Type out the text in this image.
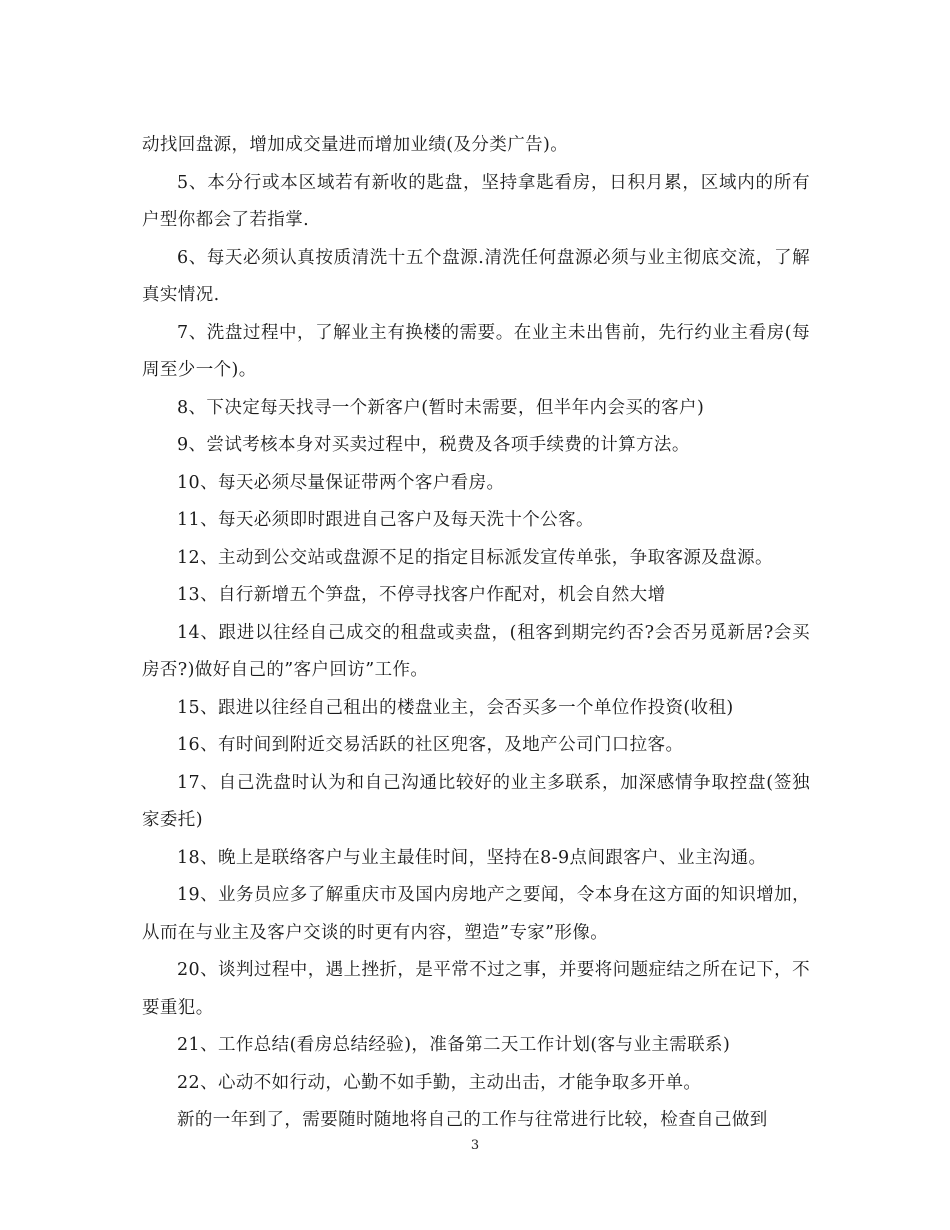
动找回盘源，增加成交量进而增加业绩(及分类广告)。

5、本分行或本区域若有新收的匙盘，坚持拿匙看房，日积月累，区域内的所有户型你都会了若指掌.

6、每天必须认真按质清洗十五个盘源.清洗任何盘源必须与业主彻底交流，了解真实情况.

7、洗盘过程中，了解业主有换楼的需要。在业主未出售前，先行约业主看房(每周至少一个)。

8、下决定每天找寻一个新客户(暂时未需要，但半年内会买的客户)

9、尝试考核本身对买卖过程中，税费及各项手续费的计算方法。

10、每天必须尽量保证带两个客户看房。

11、每天必须即时跟进自己客户及每天洗十个公客。

12、主动到公交站或盘源不足的指定目标派发宣传单张，争取客源及盘源。

13、自行新增五个笋盘，不停寻找客户作配对，机会自然大增

14、跟进以往经自己成交的租盘或卖盘，(租客到期完约否?会否另觅新居?会买房否?)做好自己的”客户回访”工作。

15、跟进以往经自己租出的楼盘业主，会否买多一个单位作投资(收租)

16、有时间到附近交易活跃的社区兜客，及地产公司门口拉客。

17、自己洗盘时认为和自己沟通比较好的业主多联系，加深感情争取控盘(签独家委托)

18、晚上是联络客户与业主最佳时间，坚持在8-9点间跟客户、业主沟通。

19、业务员应多了解重庆市及国内房地产之要闻，令本身在这方面的知识增加，从而在与业主及客户交谈的时更有内容，塑造”专家”形像。

20、谈判过程中，遇上挫折，是平常不过之事，并要将问题症结之所在记下，不要重犯。

21、工作总结(看房总结经验)，准备第二天工作计划(客与业主需联系)

22、心动不如行动，心勤不如手勤，主动出击，才能争取多开单。

新的一年到了，需要随时随地将自己的工作与往常进行比较，检查自己做到

3
